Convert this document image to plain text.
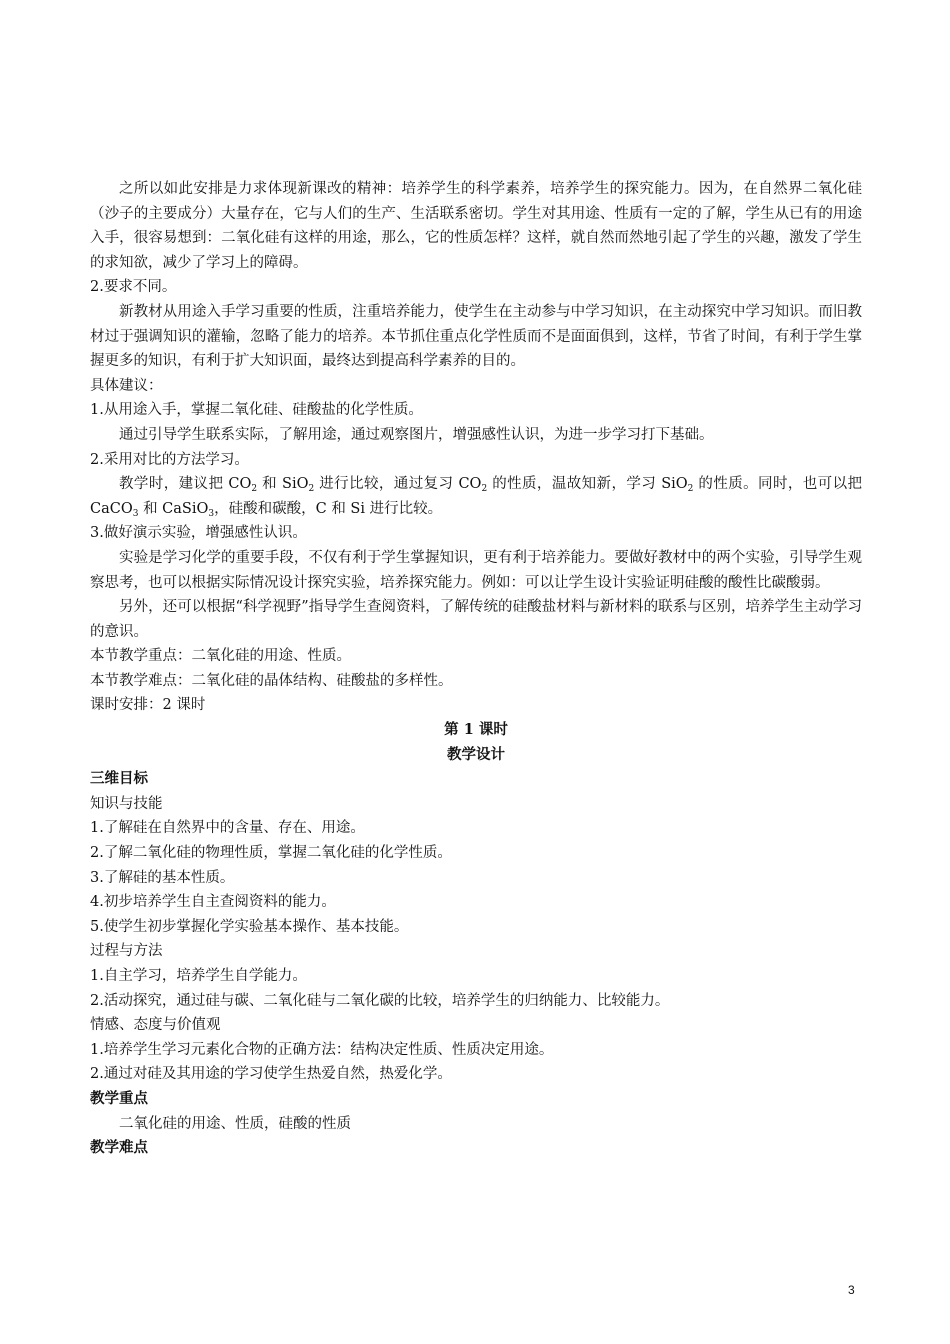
之所以如此安排是力求体现新课改的精神：培养学生的科学素养，培养学生的探究能力。因为，在自然界二氧化硅（沙子的主要成分）大量存在，它与人们的生产、生活联系密切。学生对其用途、性质有一定的了解，学生从已有的用途入手，很容易想到：二氧化硅有这样的用途，那么，它的性质怎样？这样，就自然而然地引起了学生的兴趣，激发了学生的求知欲，减少了学习上的障碍。

2.要求不同。

新教材从用途入手学习重要的性质，注重培养能力，使学生在主动参与中学习知识，在主动探究中学习知识。而旧教材过于强调知识的灌输，忽略了能力的培养。本节抓住重点化学性质而不是面面俱到，这样，节省了时间，有利于学生掌握更多的知识，有利于扩大知识面，最终达到提高科学素养的目的。

具体建议：

1.从用途入手，掌握二氧化硅、硅酸盐的化学性质。

通过引导学生联系实际，了解用途，通过观察图片，增强感性认识，为进一步学习打下基础。

2.采用对比的方法学习。

教学时，建议把 $CO_2$ 和 SiO$_2$ 进行比较，通过复习 $CO_2$ 的性质，温故知新，学习 SiO$_2$ 的性质。同时，也可以把 CaCO$_3$ 和 CaSiO$_3$，硅酸和碳酸，C 和 Si 进行比较。

3.做好演示实验，增强感性认识。

实验是学习化学的重要手段，不仅有利于学生掌握知识，更有利于培养能力。要做好教材中的两个实验，引导学生观察思考，也可以根据实际情况设计探究实验，培养探究能力。例如：可以让学生设计实验证明硅酸的酸性比碳酸弱。

另外，还可以根据“科学视野”指导学生查阅资料，了解传统的硅酸盐材料与新材料的联系与区别，培养学生主动学习的意识。

本节教学重点：二氧化硅的用途、性质。

本节教学难点：二氧化硅的晶体结构、硅酸盐的多样性。

课时安排：2 课时

第 1 课时

教学设计

三维目标

知识与技能

1.了解硅在自然界中的含量、存在、用途。

2.了解二氧化硅的物理性质，掌握二氧化硅的化学性质。

3.了解硅的基本性质。

4.初步培养学生自主查阅资料的能力。

5.使学生初步掌握化学实验基本操作、基本技能。

过程与方法

1.自主学习，培养学生自学能力。

2.活动探究，通过硅与碳、二氧化硅与二氧化碳的比较，培养学生的归纳能力、比较能力。

情感、态度与价值观

1.培养学生学习元素化合物的正确方法：结构决定性质、性质决定用途。

2.通过对硅及其用途的学习使学生热爱自然，热爱化学。

教学重点

二氧化硅的用途、性质，硅酸的性质

教学难点

3
